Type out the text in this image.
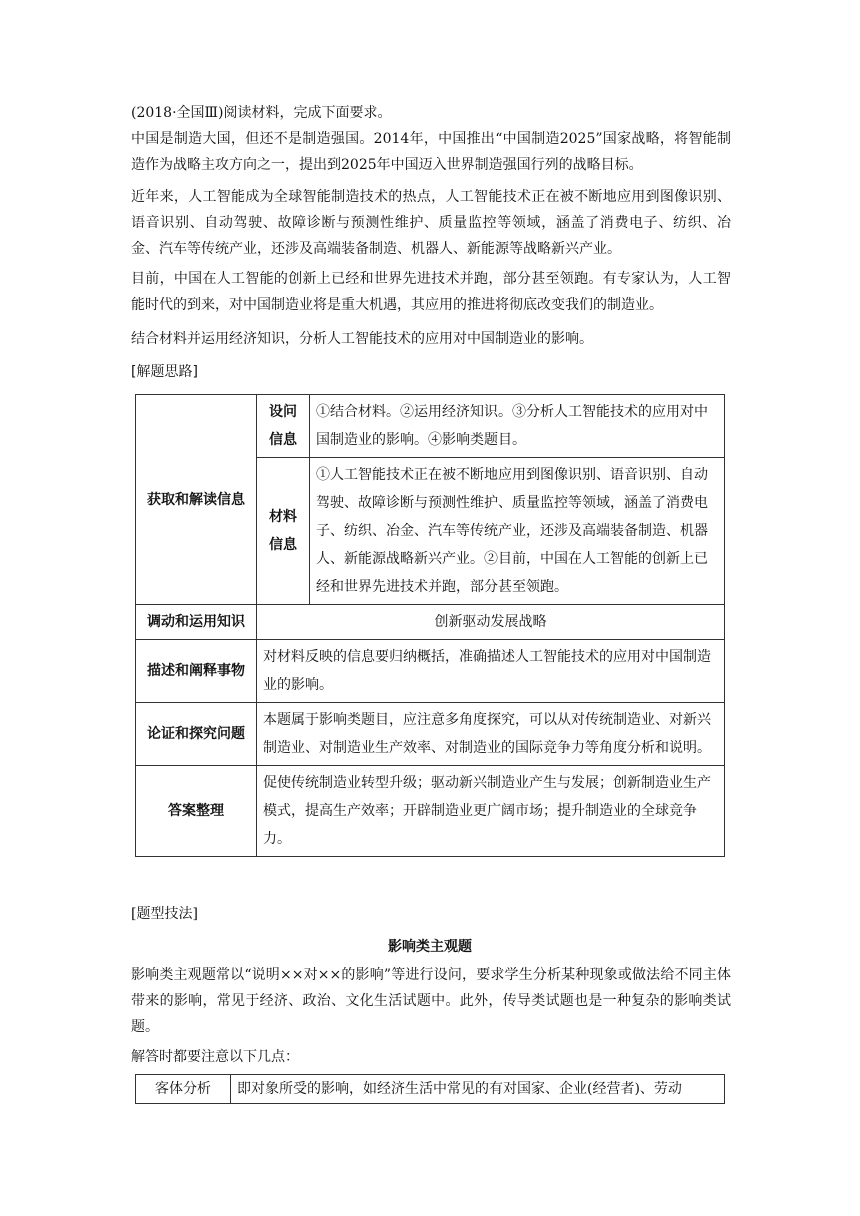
(2018·全国Ⅲ)阅读材料，完成下面要求。
中国是制造大国，但还不是制造强国。2014年，中国推出“中国制造2025”国家战略，将智能制造作为战略主攻方向之一，提出到2025年中国迈入世界制造强国行列的战略目标。
近年来，人工智能成为全球智能制造技术的热点，人工智能技术正在被不断地应用到图像识别、语音识别、自动驾驶、故障诊断与预测性维护、质量监控等领域，涵盖了消费电子、纺织、冶金、汽车等传统产业，还涉及高端装备制造、机器人、新能源等战略新兴产业。
目前，中国在人工智能的创新上已经和世界先进技术并跑，部分甚至领跑。有专家认为，人工智能时代的到来，对中国制造业将是重大机遇，其应用的推进将彻底改变我们的制造业。
结合材料并运用经济知识，分析人工智能技术的应用对中国制造业的影响。
[解题思路]
获取和解读信息	设问信息	①结合材料。②运用经济知识。③分析人工智能技术的应用对中国制造业的影响。④影响类题目。
	材料信息	①人工智能技术正在被不断地应用到图像识别、语音识别、自动驾驶、故障诊断与预测性维护、质量监控等领域，涵盖了消费电子、纺织、冶金、汽车等传统产业，还涉及高端装备制造、机器人、新能源战略新兴产业。②目前，中国在人工智能的创新上已经和世界先进技术并跑，部分甚至领跑。
调动和运用知识	创新驱动发展战略	
描述和阐释事物	对材料反映的信息要归纳概括，准确描述人工智能技术的应用对中国制造业的影响。	
论证和探究问题	本题属于影响类题目，应注意多角度探究，可以从对传统制造业、对新兴制造业、对制造业生产效率、对制造业的国际竞争力等角度分析和说明。	
答案整理	促使传统制造业转型升级；驱动新兴制造业产生与发展；创新制造业生产模式，提高生产效率；开辟制造业更广阔市场；提升制造业的全球竞争力。	
[题型技法]
影响类主观题
影响类主观题常以“说明××对××的影响”等进行设问，要求学生分析某种现象或做法给不同主体带来的影响，常见于经济、政治、文化生活试题中。此外，传导类试题也是一种复杂的影响类试题。
解答时都要注意以下几点：
客体分析	即对象所受的影响，如经济生活中常见的有对国家、企业(经营者)、劳动
